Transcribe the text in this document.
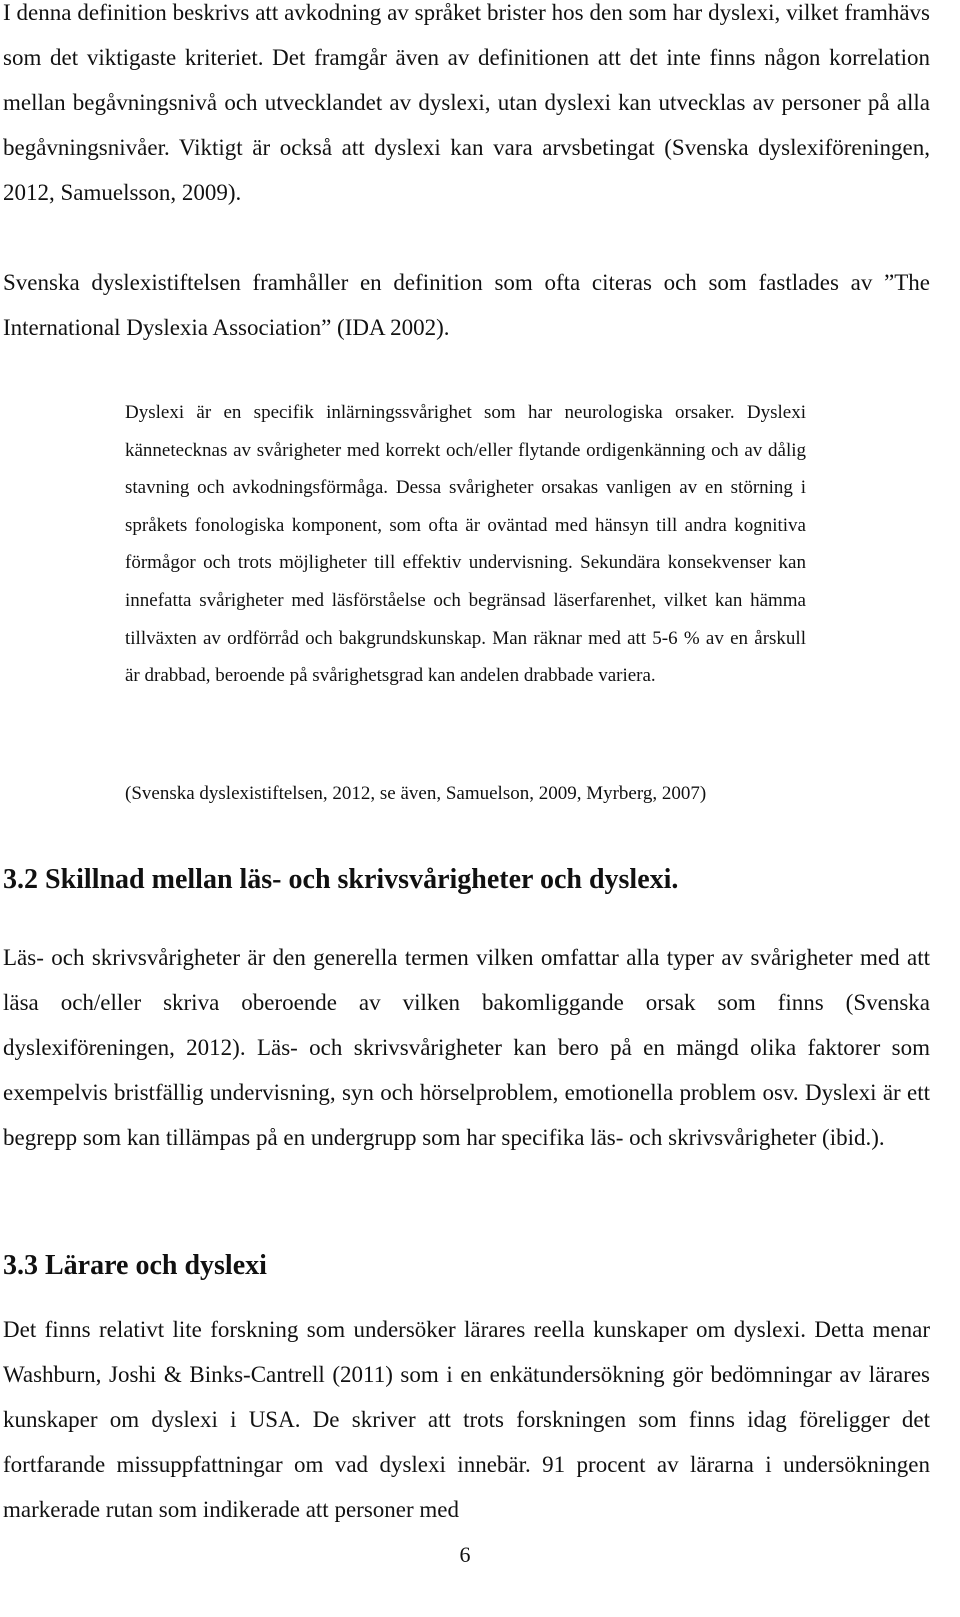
I denna definition beskrivs att avkodning av språket brister hos den som har dyslexi, vilket framhävs som det viktigaste kriteriet. Det framgår även av definitionen att det inte finns någon korrelation mellan begåvningsnivå och utvecklandet av dyslexi, utan dyslexi kan utvecklas av personer på alla begåvningsnivåer. Viktigt är också att dyslexi kan vara arvsbetingat (Svenska dyslexiföreningen, 2012, Samuelsson, 2009).

Svenska dyslexistiftelsen framhåller en definition som ofta citeras och som fastlades av ”The International Dyslexia Association” (IDA 2002).

Dyslexi är en specifik inlärningssvårighet som har neurologiska orsaker. Dyslexi kännetecknas av svårigheter med korrekt och/eller flytande ordigenkänning och av dålig stavning och avkodningsförmåga. Dessa svårigheter orsakas vanligen av en störning i språkets fonologiska komponent, som ofta är oväntad med hänsyn till andra kognitiva förmågor och trots möjligheter till effektiv undervisning. Sekundära konsekvenser kan innefatta svårigheter med läsförståelse och begränsad läserfarenhet, vilket kan hämma tillväxten av ordförråd och bakgrundskunskap. Man räknar med att 5-6 % av en årskull är drabbad, beroende på svårighetsgrad kan andelen drabbade variera.

(Svenska dyslexistiftelsen, 2012, se även, Samuelson, 2009, Myrberg, 2007)

3.2 Skillnad mellan läs- och skrivsvårigheter och dyslexi.

Läs- och skrivsvårigheter är den generella termen vilken omfattar alla typer av svårigheter med att läsa och/eller skriva oberoende av vilken bakomliggande orsak som finns (Svenska dyslexiföreningen, 2012). Läs- och skrivsvårigheter kan bero på en mängd olika faktorer som exempelvis bristfällig undervisning, syn och hörselproblem, emotionella problem osv. Dyslexi är ett begrepp som kan tillämpas på en undergrupp som har specifika läs- och skrivsvårigheter (ibid.).

3.3 Lärare och dyslexi

Det finns relativt lite forskning som undersöker lärares reella kunskaper om dyslexi. Detta menar Washburn, Joshi & Binks-Cantrell (2011) som i en enkätundersökning gör bedömningar av lärares kunskaper om dyslexi i USA. De skriver att trots forskningen som finns idag föreligger det fortfarande missuppfattningar om vad dyslexi innebär. 91 procent av lärarna i undersökningen markerade rutan som indikerade att personer med

6
